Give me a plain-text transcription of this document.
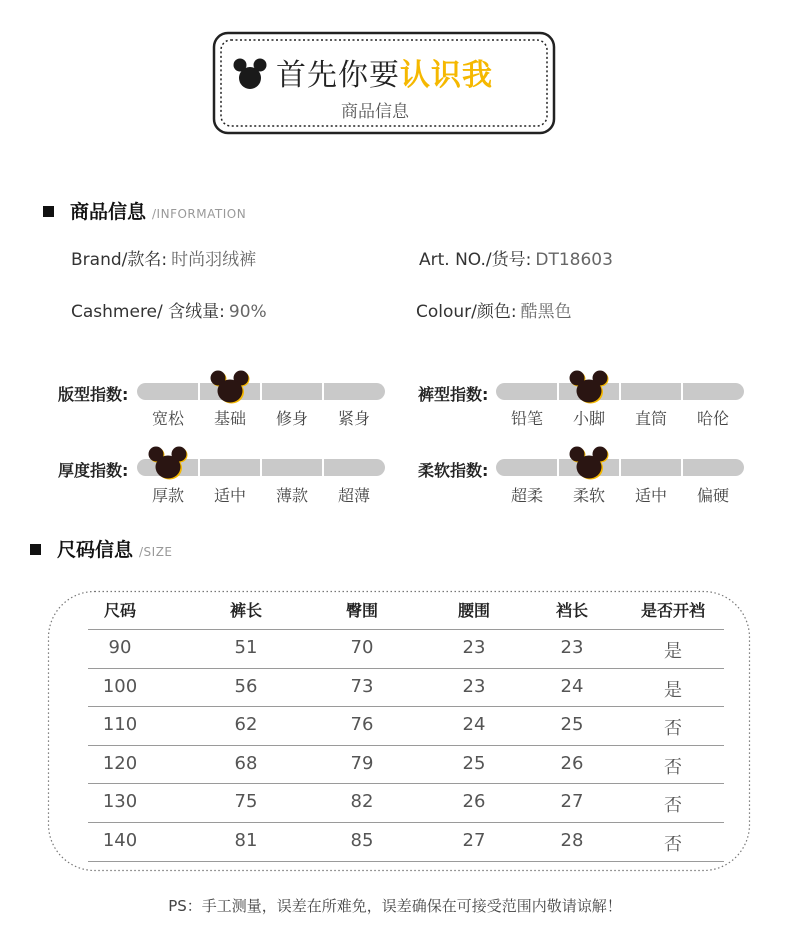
首先你要认识我
商品信息
商品信息 /INFORMATION
Brand/款名: 时尚羽绒裤	Art. NO./货号: DT18603
Cashmere/ 含绒量: 90%	Colour/颜色: 酷黑色
版型指数:
宽松 基础 修身 紧身
裤型指数:
铅笔 小脚 直筒 哈伦
厚度指数:
厚款 适中 薄款 超薄
柔软指数:
超柔 柔软 适中 偏硬
尺码信息 /SIZE
尺码	裤长	臀围	腰围	裆长	是否开裆
90	51	70	23	23	是
100	56	73	23	24	是
110	62	76	24	25	否
120	68	79	25	26	否
130	75	82	26	27	否
140	81	85	27	28	否
PS：手工测量，误差在所难免，误差确保在可接受范围内敬请谅解！
